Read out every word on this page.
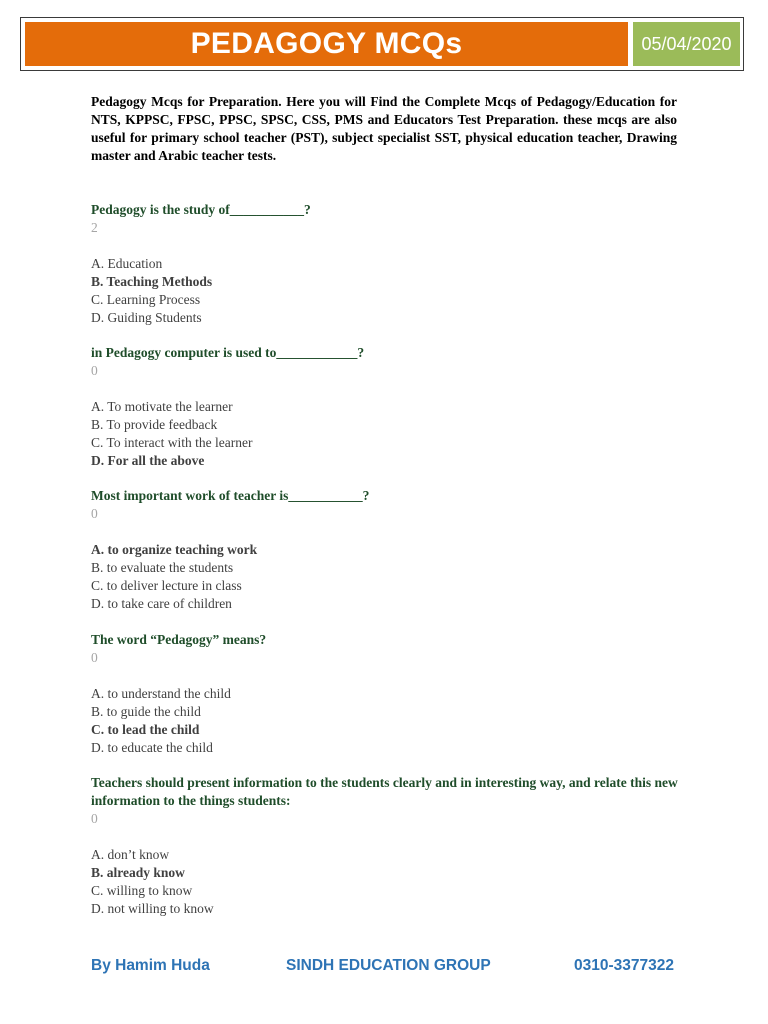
PEDAGOGY MCQs	05/04/2020

Pedagogy Mcqs for Preparation. Here you will Find the Complete Mcqs of Pedagogy/Education for NTS, KPPSC, FPSC, PPSC, SPSC, CSS, PMS and Educators Test Preparation. these mcqs are also useful for primary school teacher (PST), subject specialist SST, physical education teacher, Drawing master and Arabic teacher tests.

Pedagogy is the study of___________?

2

A. Education

B. Teaching Methods

C. Learning Process

D. Guiding Students

in Pedagogy computer is used to____________?

0

A. To motivate the learner

B. To provide feedback

C. To interact with the learner

D. For all the above

Most important work of teacher is___________?

0

A. to organize teaching work

B. to evaluate the students

C. to deliver lecture in class

D. to take care of children

The word “Pedagogy” means?

0

A. to understand the child

B. to guide the child

C. to lead the child

D. to educate the child

Teachers should present information to the students clearly and in interesting way, and relate this new information to the things students:

0

A. don’t know

B. already know

C. willing to know

D. not willing to know

By Hamim Huda	SINDH EDUCATION GROUP	0310-3377322
